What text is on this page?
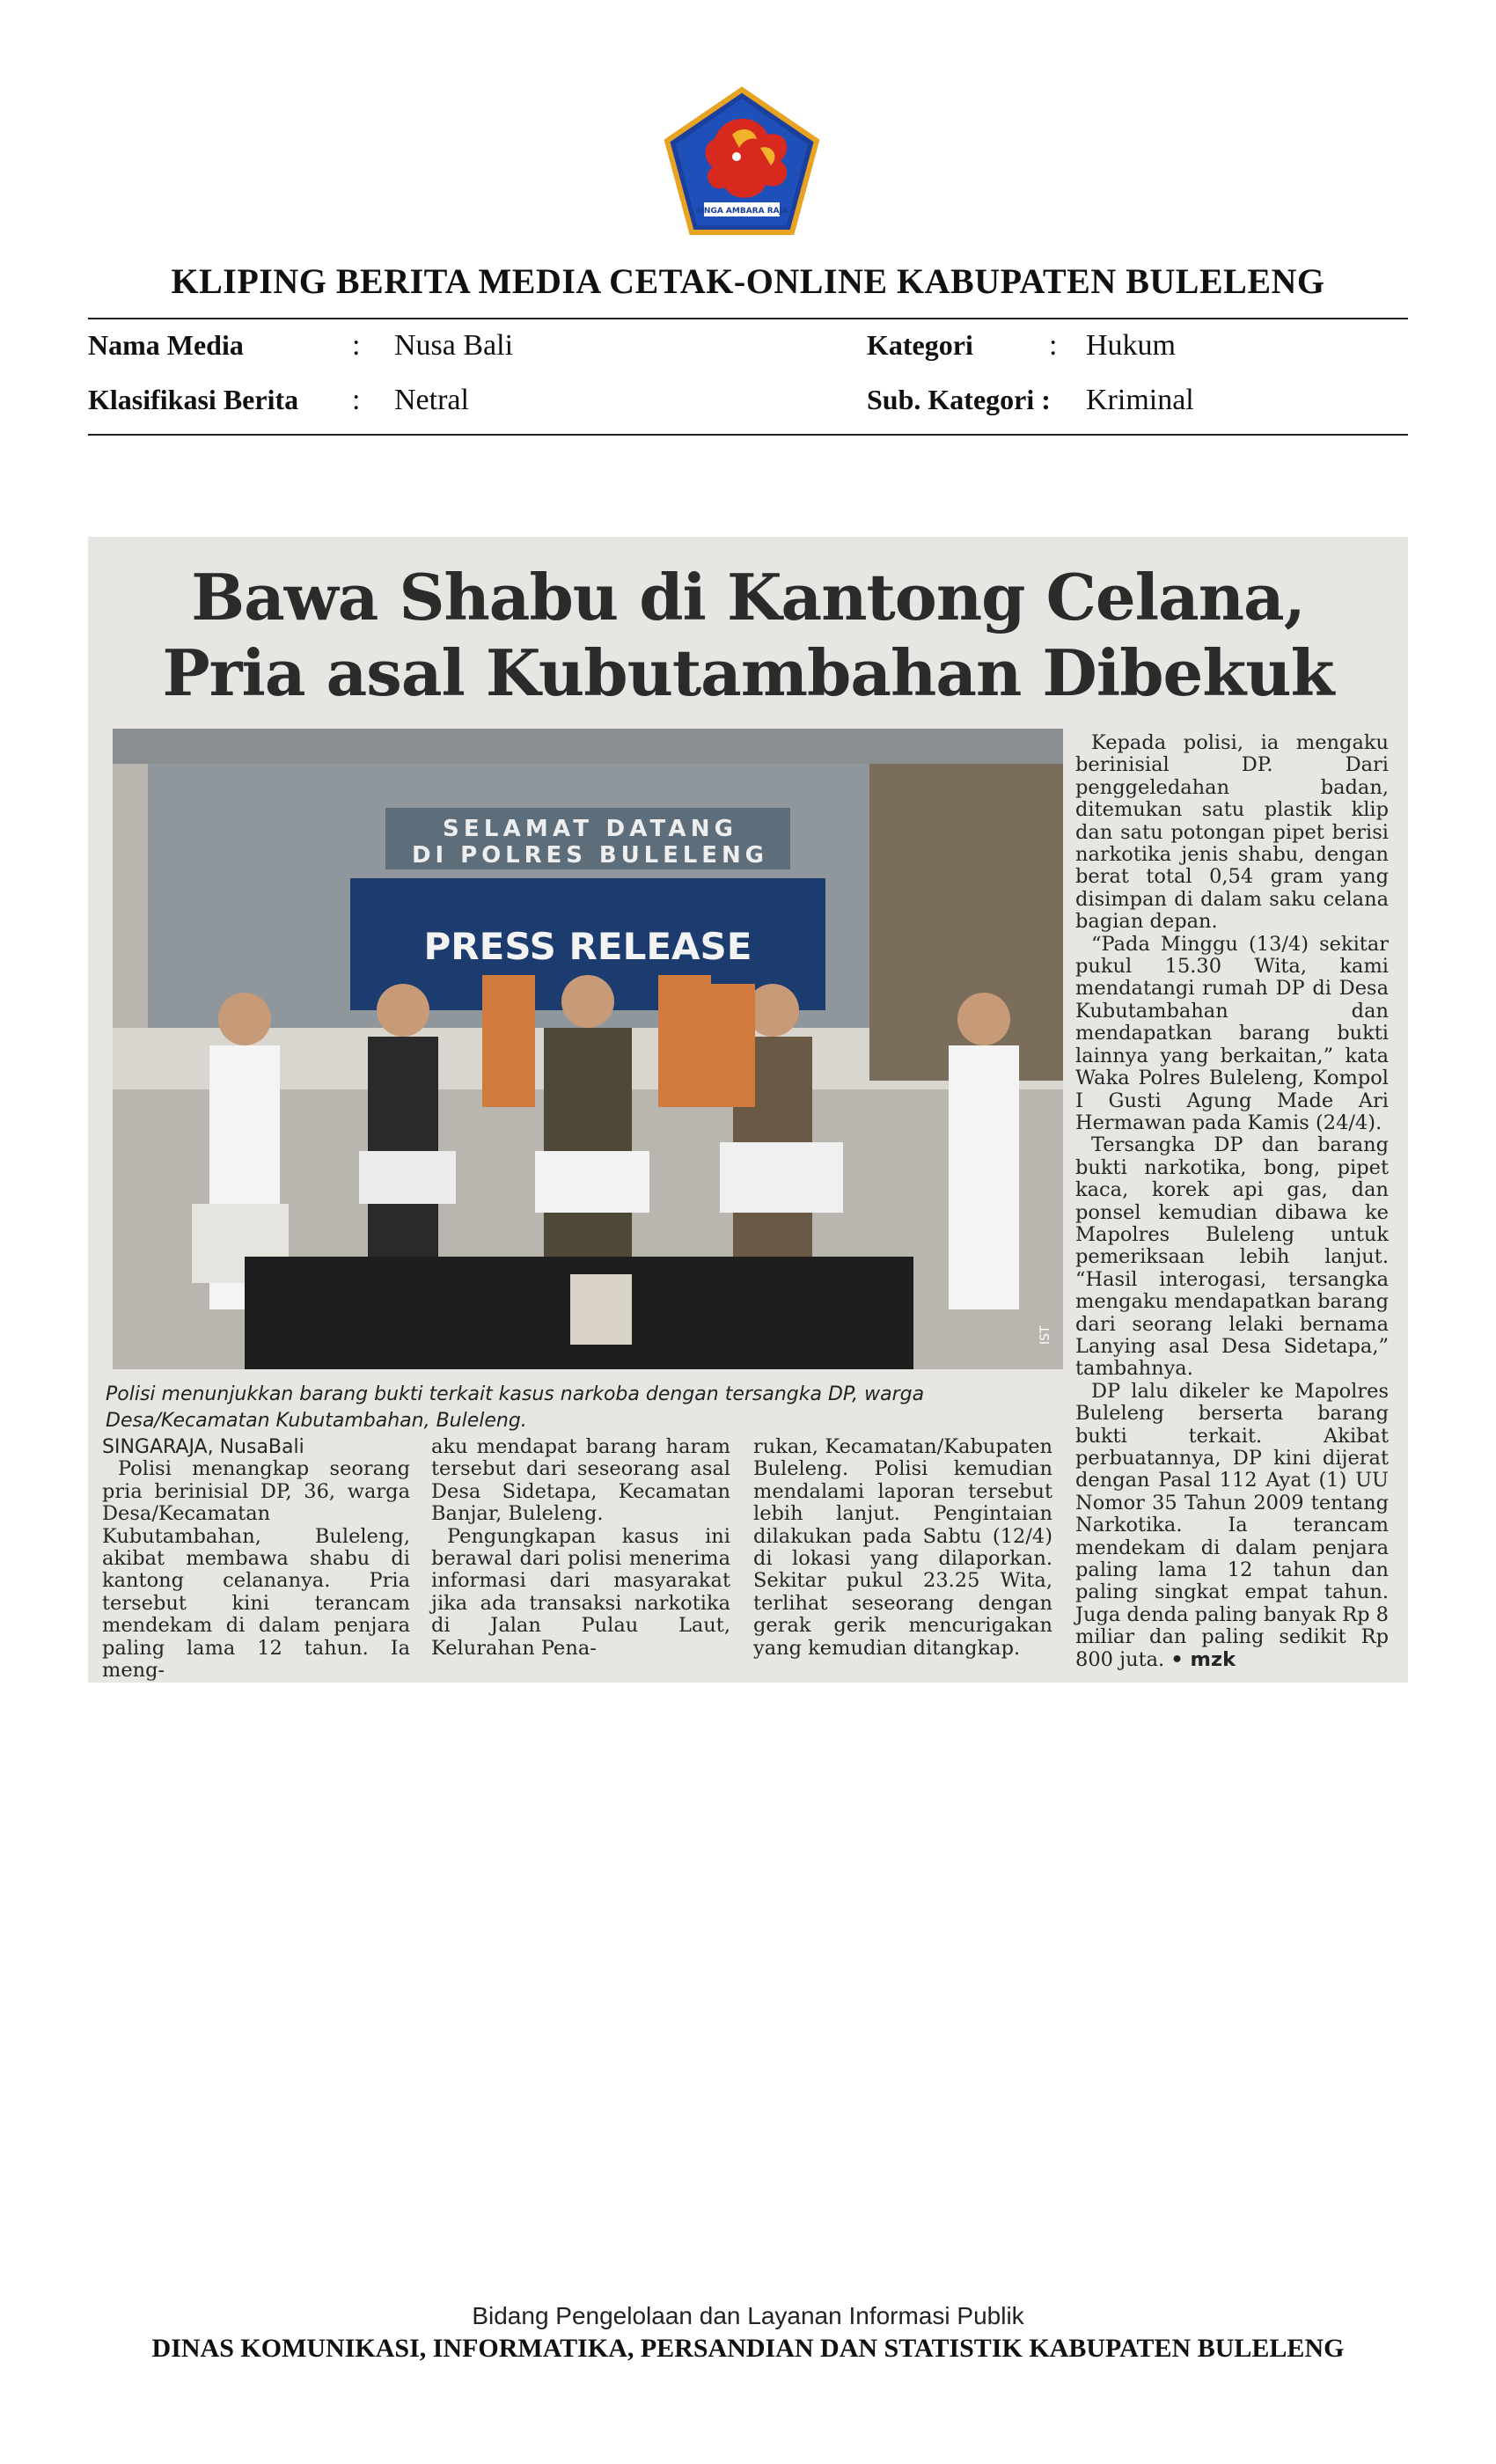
SINGA AMBARA RAJA
KLIPING BERITA MEDIA CETAK-ONLINE KABUPATEN BULELENG
Nama Media	: Nusa Bali	Kategori	: Hukum
Klasifikasi Berita : Netral	Sub. Kategori : Kriminal
Bawa Shabu di Kantong Celana,
Pria asal Kubutambahan Dibekuk
SELAMAT DATANG
DI POLRES BULELENG
PRESS RELEASE
IST
Polisi menunjukkan barang bukti terkait kasus narkoba dengan tersangka DP, warga Desa/Kecamatan Kubutambahan, Buleleng.

SINGARAJA, NusaBali

Polisi menangkap seorang pria berinisial DP, 36, warga Desa/Kecamatan Kubutambahan, Buleleng, akibat membawa shabu di kantong celananya. Pria tersebut kini terancam mendekam di dalam penjara paling lama 12 tahun. Ia meng-

aku mendapat barang haram tersebut dari seseorang asal Desa Sidetapa, Kecamatan Banjar, Buleleng.

Pengungkapan kasus ini berawal dari polisi menerima informasi dari masyarakat jika ada transaksi narkotika di Jalan Pulau Laut, Kelurahan Pena-

rukan, Kecamatan/Kabupaten Buleleng. Polisi kemudian mendalami laporan tersebut lebih lanjut. Pengintaian dilakukan pada Sabtu (12/4) di lokasi yang dilaporkan. Sekitar pukul 23.25 Wita, terlihat seseorang dengan gerak gerik mencurigakan yang kemudian ditangkap.

Kepada polisi, ia mengaku berinisial DP. Dari penggeledahan badan, ditemukan satu plastik klip dan satu potongan pipet berisi narkotika jenis shabu, dengan berat total 0,54 gram yang disimpan di dalam saku celana bagian depan.

“Pada Minggu (13/4) sekitar pukul 15.30 Wita, kami mendatangi rumah DP di Desa Kubutambahan dan mendapatkan barang bukti lainnya yang berkaitan,” kata Waka Polres Buleleng, Kompol I Gusti Agung Made Ari Hermawan pada Kamis (24/4).

Tersangka DP dan barang bukti narkotika, bong, pipet kaca, korek api gas, dan ponsel kemudian dibawa ke Mapolres Buleleng untuk pemeriksaan lebih lanjut. “Hasil interogasi, tersangka mengaku mendapatkan barang dari seorang lelaki bernama Lanying asal Desa Sidetapa,” tambahnya.

DP lalu dikeler ke Mapolres Buleleng berserta barang bukti terkait. Akibat perbuatannya, DP kini dijerat dengan Pasal 112 Ayat (1) UU Nomor 35 Tahun 2009 tentang Narkotika. Ia terancam mendekam di dalam penjara paling lama 12 tahun dan paling singkat empat tahun. Juga denda paling banyak Rp 8 miliar dan paling sedikit Rp 800 juta. • mzk

Bidang Pengelolaan dan Layanan Informasi Publik
DINAS KOMUNIKASI, INFORMATIKA, PERSANDIAN DAN STATISTIK KABUPATEN BULELENG
